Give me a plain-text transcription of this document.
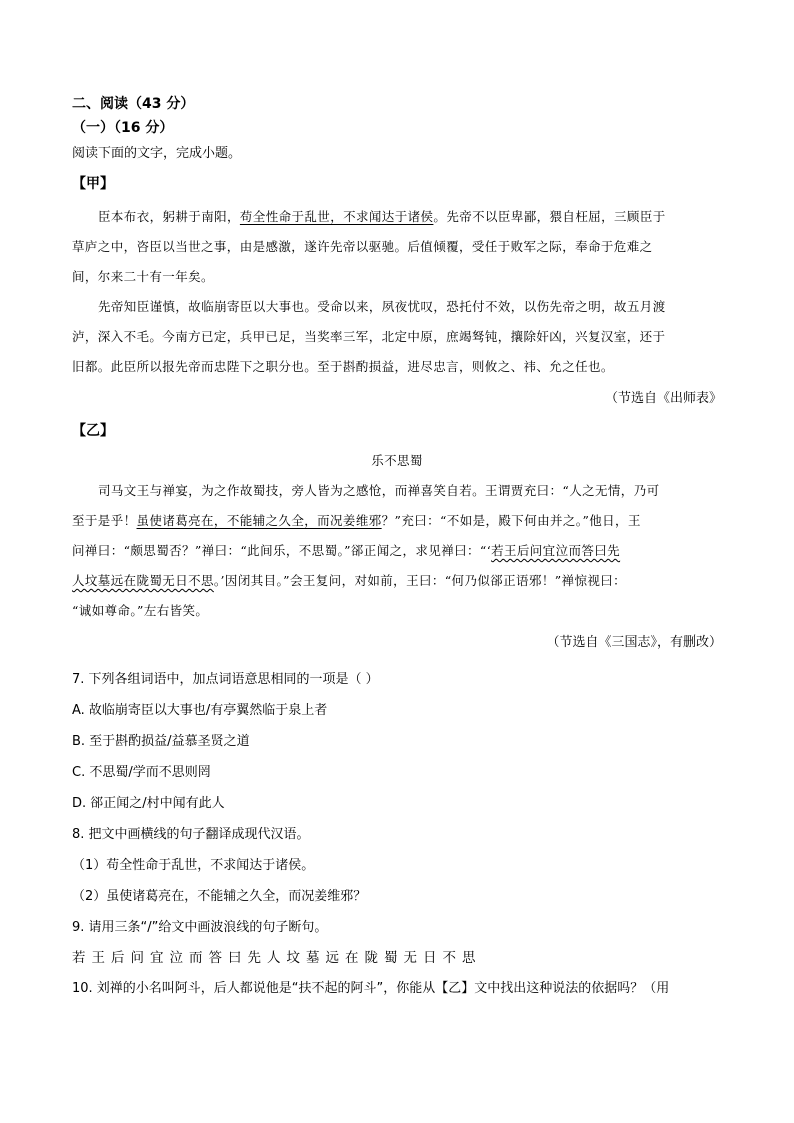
二、阅读（43 分）
（一）（16 分）
阅读下面的文字，完成小题。
【甲】
臣本布衣，躬耕于南阳，苟全性命于乱世，不求闻达于诸侯。先帝不以臣卑鄙，猥自枉屈，三顾臣于
草庐之中，咨臣以当世之事，由是感激，遂许先帝以驱驰。后值倾覆，受任于败军之际，奉命于危难之
间，尔来二十有一年矣。
先帝知臣谨慎，故临崩寄臣以大事也。受命以来，夙夜忧叹，恐托付不效，以伤先帝之明，故五月渡
泸，深入不毛。今南方已定，兵甲已足，当奖率三军，北定中原，庶竭驽钝，攘除奸凶，兴复汉室，还于
旧都。此臣所以报先帝而忠陛下之职分也。至于斟酌损益，进尽忠言，则攸之、祎、允之任也。
（节选自《出师表》
【乙】
乐不思蜀
司马文王与禅宴，为之作故蜀技，旁人皆为之感怆，而禅喜笑自若。王谓贾充曰：“人之无情，乃可
至于是乎！虽使诸葛亮在，不能辅之久全，而况姜维邪？”充曰：“不如是，殿下何由并之。”他日，王
问禅曰：“颇思蜀否？”禅曰：“此间乐，不思蜀。”郤正闻之，求见禅曰：“‘若王后问宜泣而答曰先
人坟墓远在陇蜀无日不思。’因闭其目。”会王复问，对如前，王曰：“何乃似郤正语邪！”禅惊视曰：
“诚如尊命。”左右皆笑。
（节选自《三国志》，有删改）
7. 下列各组词语中，加点词语意思相同的一项是（ ）
A. 故临崩寄臣以大事也/有亭翼然临于泉上者
B. 至于斟酌损益/益慕圣贤之道
C. 不思蜀/学而不思则罔
D. 郤正闻之/村中闻有此人
8. 把文中画横线的句子翻译成现代汉语。
（1）苟全性命于乱世，不求闻达于诸侯。
（2）虽使诸葛亮在，不能辅之久全，而况姜维邪？
9. 请用三条“/”给文中画波浪线的句子断句。
若王后问宜泣而答曰先人坟墓远在陇蜀无日不思
10. 刘禅的小名叫阿斗，后人都说他是“扶不起的阿斗”，你能从【乙】文中找出这种说法的依据吗？（用
